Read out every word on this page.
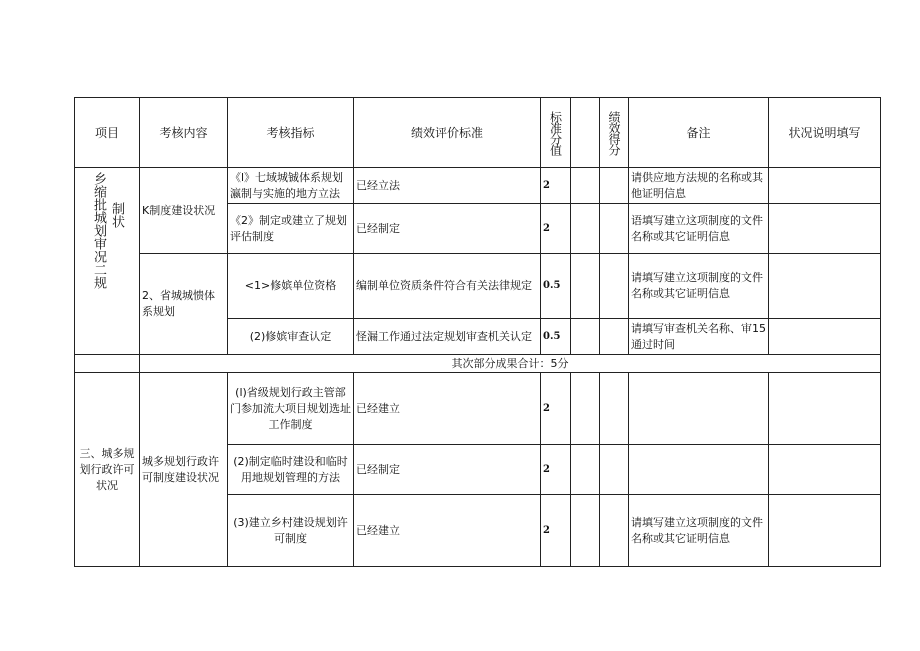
项目	考核内容	考核指标	绩效评价标准	标准分值		绩效得分	备注	状况说明填写

制状
乡缩批城划审况二规	K制度建设状况	《l》七域城铖体系规划瀛制与实施的地方立法	已经立法	2			请供应地方法规的名称或其他证明信息	
		《2》制定或建立了规划评估制度	已经制定	2			语填写建立这项制度的文件名称或其它证明信息	
	2、省城城愦体系规划	<1>修嫔单位资格	编制单位资质条件符合有关法律规定	0.5			请填写建立这项制度的文件名称或其它证明信息	
		(2)修嫔审查认定	怪漏工作通过法定规划审查机关认定	0.5			请填写审查机关名称、审15通过时间	
	其次部分成果合计：5分							
三、城多规划行政许可状况	城多规划行政许可制度建设状况	(l)省级规划行政主管部门参加流大项目规划选址工作制度	已经建立	2				
		(2)制定临时建设和临时用地规划管理的方法	已经制定	2				
		(3)建立乡村建设规划许可制度	已经建立	2			请填写建立这项制度的文件名称或其它证明信息	
